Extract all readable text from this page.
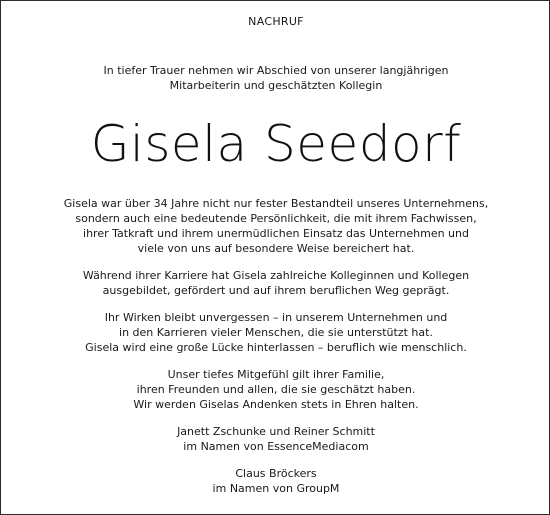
NACHRUF
In tiefer Trauer nehmen wir Abschied von unserer langjährigen
Mitarbeiterin und geschätzten Kollegin
Gisela Seedorf
Gisela war über 34 Jahre nicht nur fester Bestandteil unseres Unternehmens,
sondern auch eine bedeutende Persönlichkeit, die mit ihrem Fachwissen,
ihrer Tatkraft und ihrem unermüdlichen Einsatz das Unternehmen und
viele von uns auf besondere Weise bereichert hat.
Während ihrer Karriere hat Gisela zahlreiche Kolleginnen und Kollegen
ausgebildet, gefördert und auf ihrem beruflichen Weg geprägt.
Ihr Wirken bleibt unvergessen – in unserem Unternehmen und
in den Karrieren vieler Menschen, die sie unterstützt hat.
Gisela wird eine große Lücke hinterlassen – beruflich wie menschlich.
Unser tiefes Mitgefühl gilt ihrer Familie,
ihren Freunden und allen, die sie geschätzt haben.
Wir werden Giselas Andenken stets in Ehren halten.
Janett Zschunke und Reiner Schmitt
im Namen von EssenceMediacom
Claus Bröckers
im Namen von GroupM
